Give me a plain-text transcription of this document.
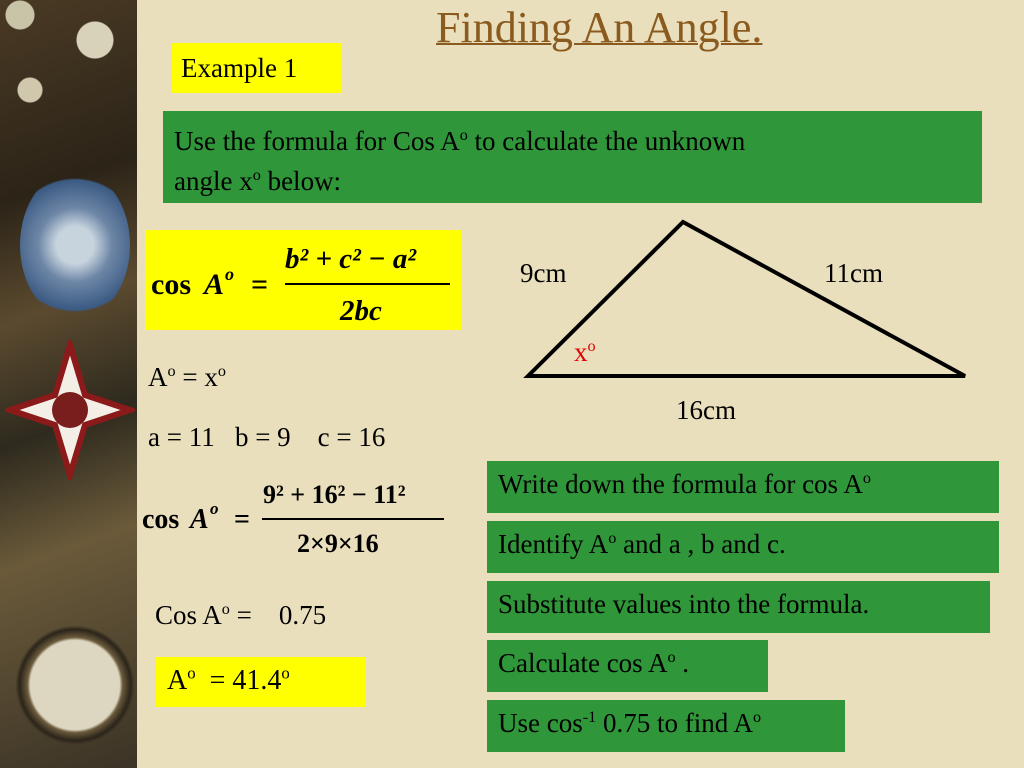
Finding An Angle.
Example 1
Use the formula for Cos $A^o$ to calculate the unknown
angle $x^o$ below:
cos A o =
b² + c² − a²
2bc
9cm	11cm
16cm
$x^o$
$A^o = x^o$
a = 11   b = 9    c = 16
cos A o =
9² + 16² − 11²
2×9×16
Cos $A^o$ =    0.75
$A^o = 41.4^o$
Write down the formula for $\cos A^o$
Identify $A^o$ and a , b and c.
Substitute values into the formula.
Calculate $\cos A^o$ .
Use $\cos^{-1} 0.75$ to find $A^o$
